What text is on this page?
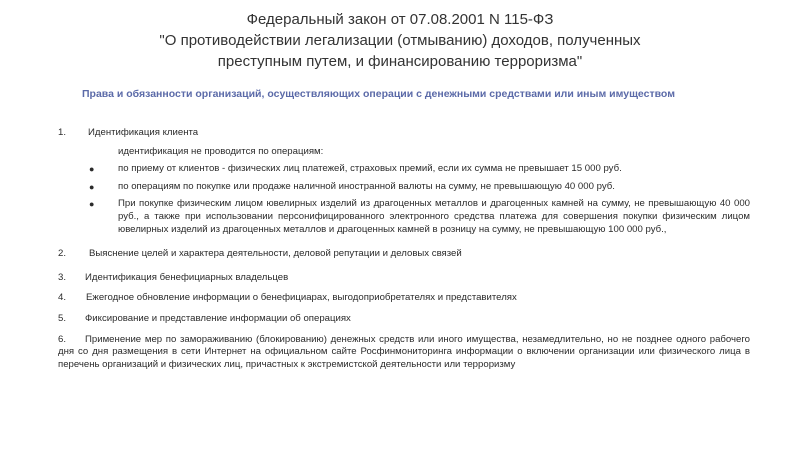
Федеральный закон от 07.08.2001 N 115-ФЗ
"О противодействии легализации (отмыванию) доходов, полученных
преступным путем, и финансированию терроризма"
Права и обязанности организаций, осуществляющих операции с денежными средствами или иным имуществом
1.	Идентификация клиента
идентификация не проводится по операциям:
● по приему от клиентов - физических лиц платежей, страховых премий, если их сумма не превышает 15 000 руб.
● по операциям по покупке или продаже наличной иностранной валюты на сумму, не превышающую 40 000 руб.
● При покупке физическим лицом ювелирных изделий из драгоценных металлов и драгоценных камней на сумму, не превышающую 40 000 руб., а также при использовании персонифицированного электронного средства платежа для совершения покупки физическим лицом ювелирных изделий из драгоценных металлов и драгоценных камней в розницу на сумму, не превышающую 100 000 руб.,
2.	Выяснение целей и характера деятельности, деловой репутации и деловых связей
3.	Идентификация бенефициарных владельцев
4.	Ежегодное обновление информации о бенефициарах, выгодоприобретателях и представителях
5.	Фиксирование и представление информации об операциях
6.	Применение мер по замораживанию (блокированию) денежных средств или иного имущества, незамедлительно, но не позднее одного рабочего дня со дня размещения в сети Интернет на официальном сайте Росфинмониторинга информации о включении организации или физического лица в перечень организаций и физических лиц, причастных к экстремистской деятельности или терроризму
